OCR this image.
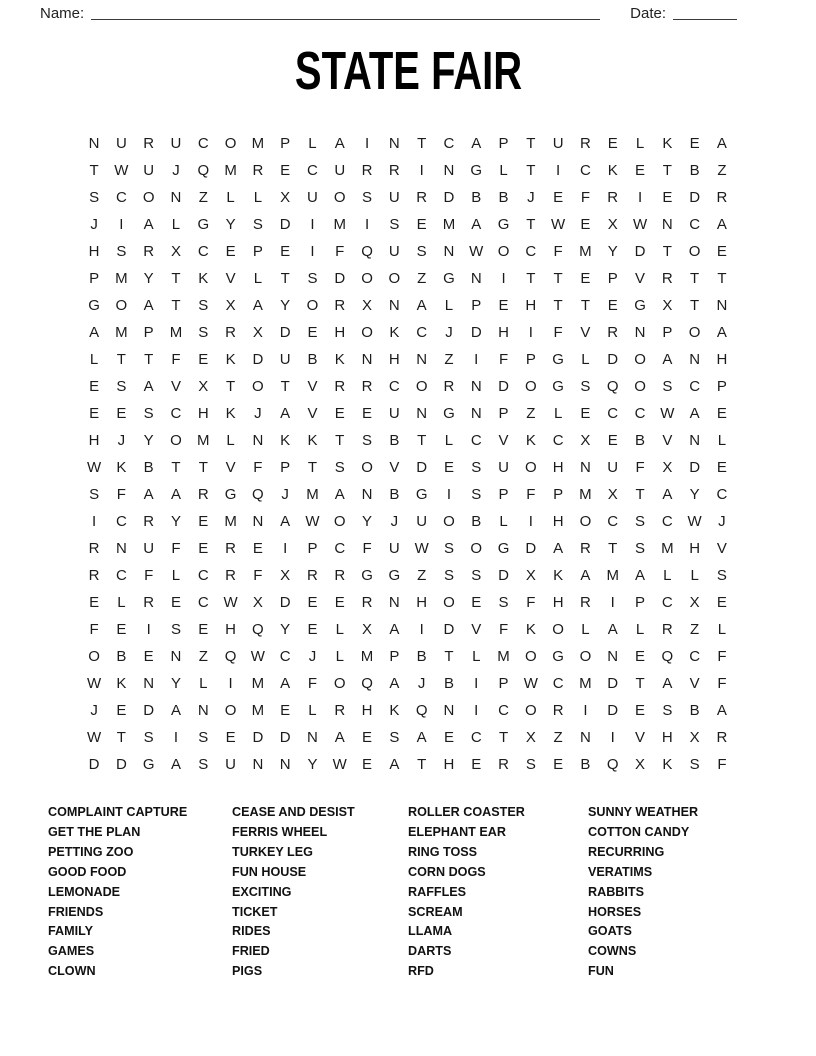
Name:	Date:
STATE FAIR
N	U	R	U	C	O	M	P	L	A	I	N	T	C	A	P	T	U	R	E	L	K	E	A
T	W U	J	Q	M	R	E	C	U	R	R	I	N	G	L	T	I	C	K	E	T	B	Z
S	C	O	N	Z	L	L	X	U	O	S	U	R	D	B	B	J	E	F	R	I	E	D	R
J	I	A	L	G	Y	S	D	I	M	I	S	E	M	A	G	T	W	E	X	W N	C	A
H	S	R	X	C	E	P	E	I	F	Q	U	S	N W O	C	F	M	Y	D	T	O	E
P	M	Y	T	K	V	L	T	S	D	O	O	Z	G	N	I	T	T	E	P	V	R	T	T
G	O	A	T	S	X	A	Y	O	R	X	N	A	L	P	E	H	T	T	E	G	X	T	N
A	M	P	M	S	R	X	D	E	H	O	K	C	J	D	H	I	F	V	R	N	P	O	A
L	T	T	F	E	K	D	U	B	K	N	H	N	Z	I	F	P	G	L	D	O	A	N	H
E	S	A	V	X	T	O	T	V	R	R	C	O	R	N	D	O	G	S	Q	O	S	C	P
E	E	S	C	H	K	J	A	V	E	E	U	N	G	N	P	Z	L	E	C	C W	A	E
H	J	Y	O	M	L	N	K	K	T	S	B	T	L	C	V	K	C	X	E	B	V	N	L
W	K	B	T	T	V	F	P	T	S	O	V	D	E	S	U	O	H	N	U	F	X	D	E
S	F	A	A	R	G	Q	J	M	A	N	B	G	I	S	P	F	P	M	X	T	A	Y	C
I	C	R	Y	E	M	N	A	W O	Y	J	U	O	B	L	I	H	O	C	S	C W	J
R	N	U	F	E	R	E	I	P	C	F	U W	S	O	G	D	A	R	T	S	M	H	V
R	C	F	L	C	R	F	X	R	R	G	G	Z	S	S	D	X	K	A	M	A	L	L	S
E	L	R	E	C W	X	D	E	E	R	N	H	O	E	S	F	H	R	I	P	C	X	E
F	E	I	S	E	H	Q	Y	E	L	X	A	I	D	V	F	K	O	L	A	L	R	Z	L
O	B	E	N	Z	Q W C	J	L	M	P	B	T	L	M	O	G	O	N	E	Q	C	F
W	K	N	Y	L	I	M	A	F	O	Q	A	J	B	I	P	W C	M	D	T	A	V	F
J	E	D	A	N	O	M	E	L	R	H	K	Q	N	I	C	O	R	I	D	E	S	B	A
W	T	S	I	S	E	D	D	N	A	E	S	A	E	C	T	X	Z	N	I	V	H	X	R
D	D	G	A	S	U	N	N	Y	W	E	A	T	H	E	R	S	E	B	Q	X	K	S	F
COMPLAINT CAPTURE
GET THE PLAN
PETTING ZOO
GOOD FOOD
LEMONADE
FRIENDS
FAMILY
GAMES
CLOWN
CEASE AND DESIST
FERRIS WHEEL
TURKEY LEG
FUN HOUSE
EXCITING
TICKET
RIDES
FRIED
PIGS
ROLLER COASTER
ELEPHANT EAR
RING TOSS
CORN DOGS
RAFFLES
SCREAM
LLAMA
DARTS
RFD
SUNNY WEATHER
COTTON CANDY
RECURRING
VERATIMS
RABBITS
HORSES
GOATS
COWNS
FUN
